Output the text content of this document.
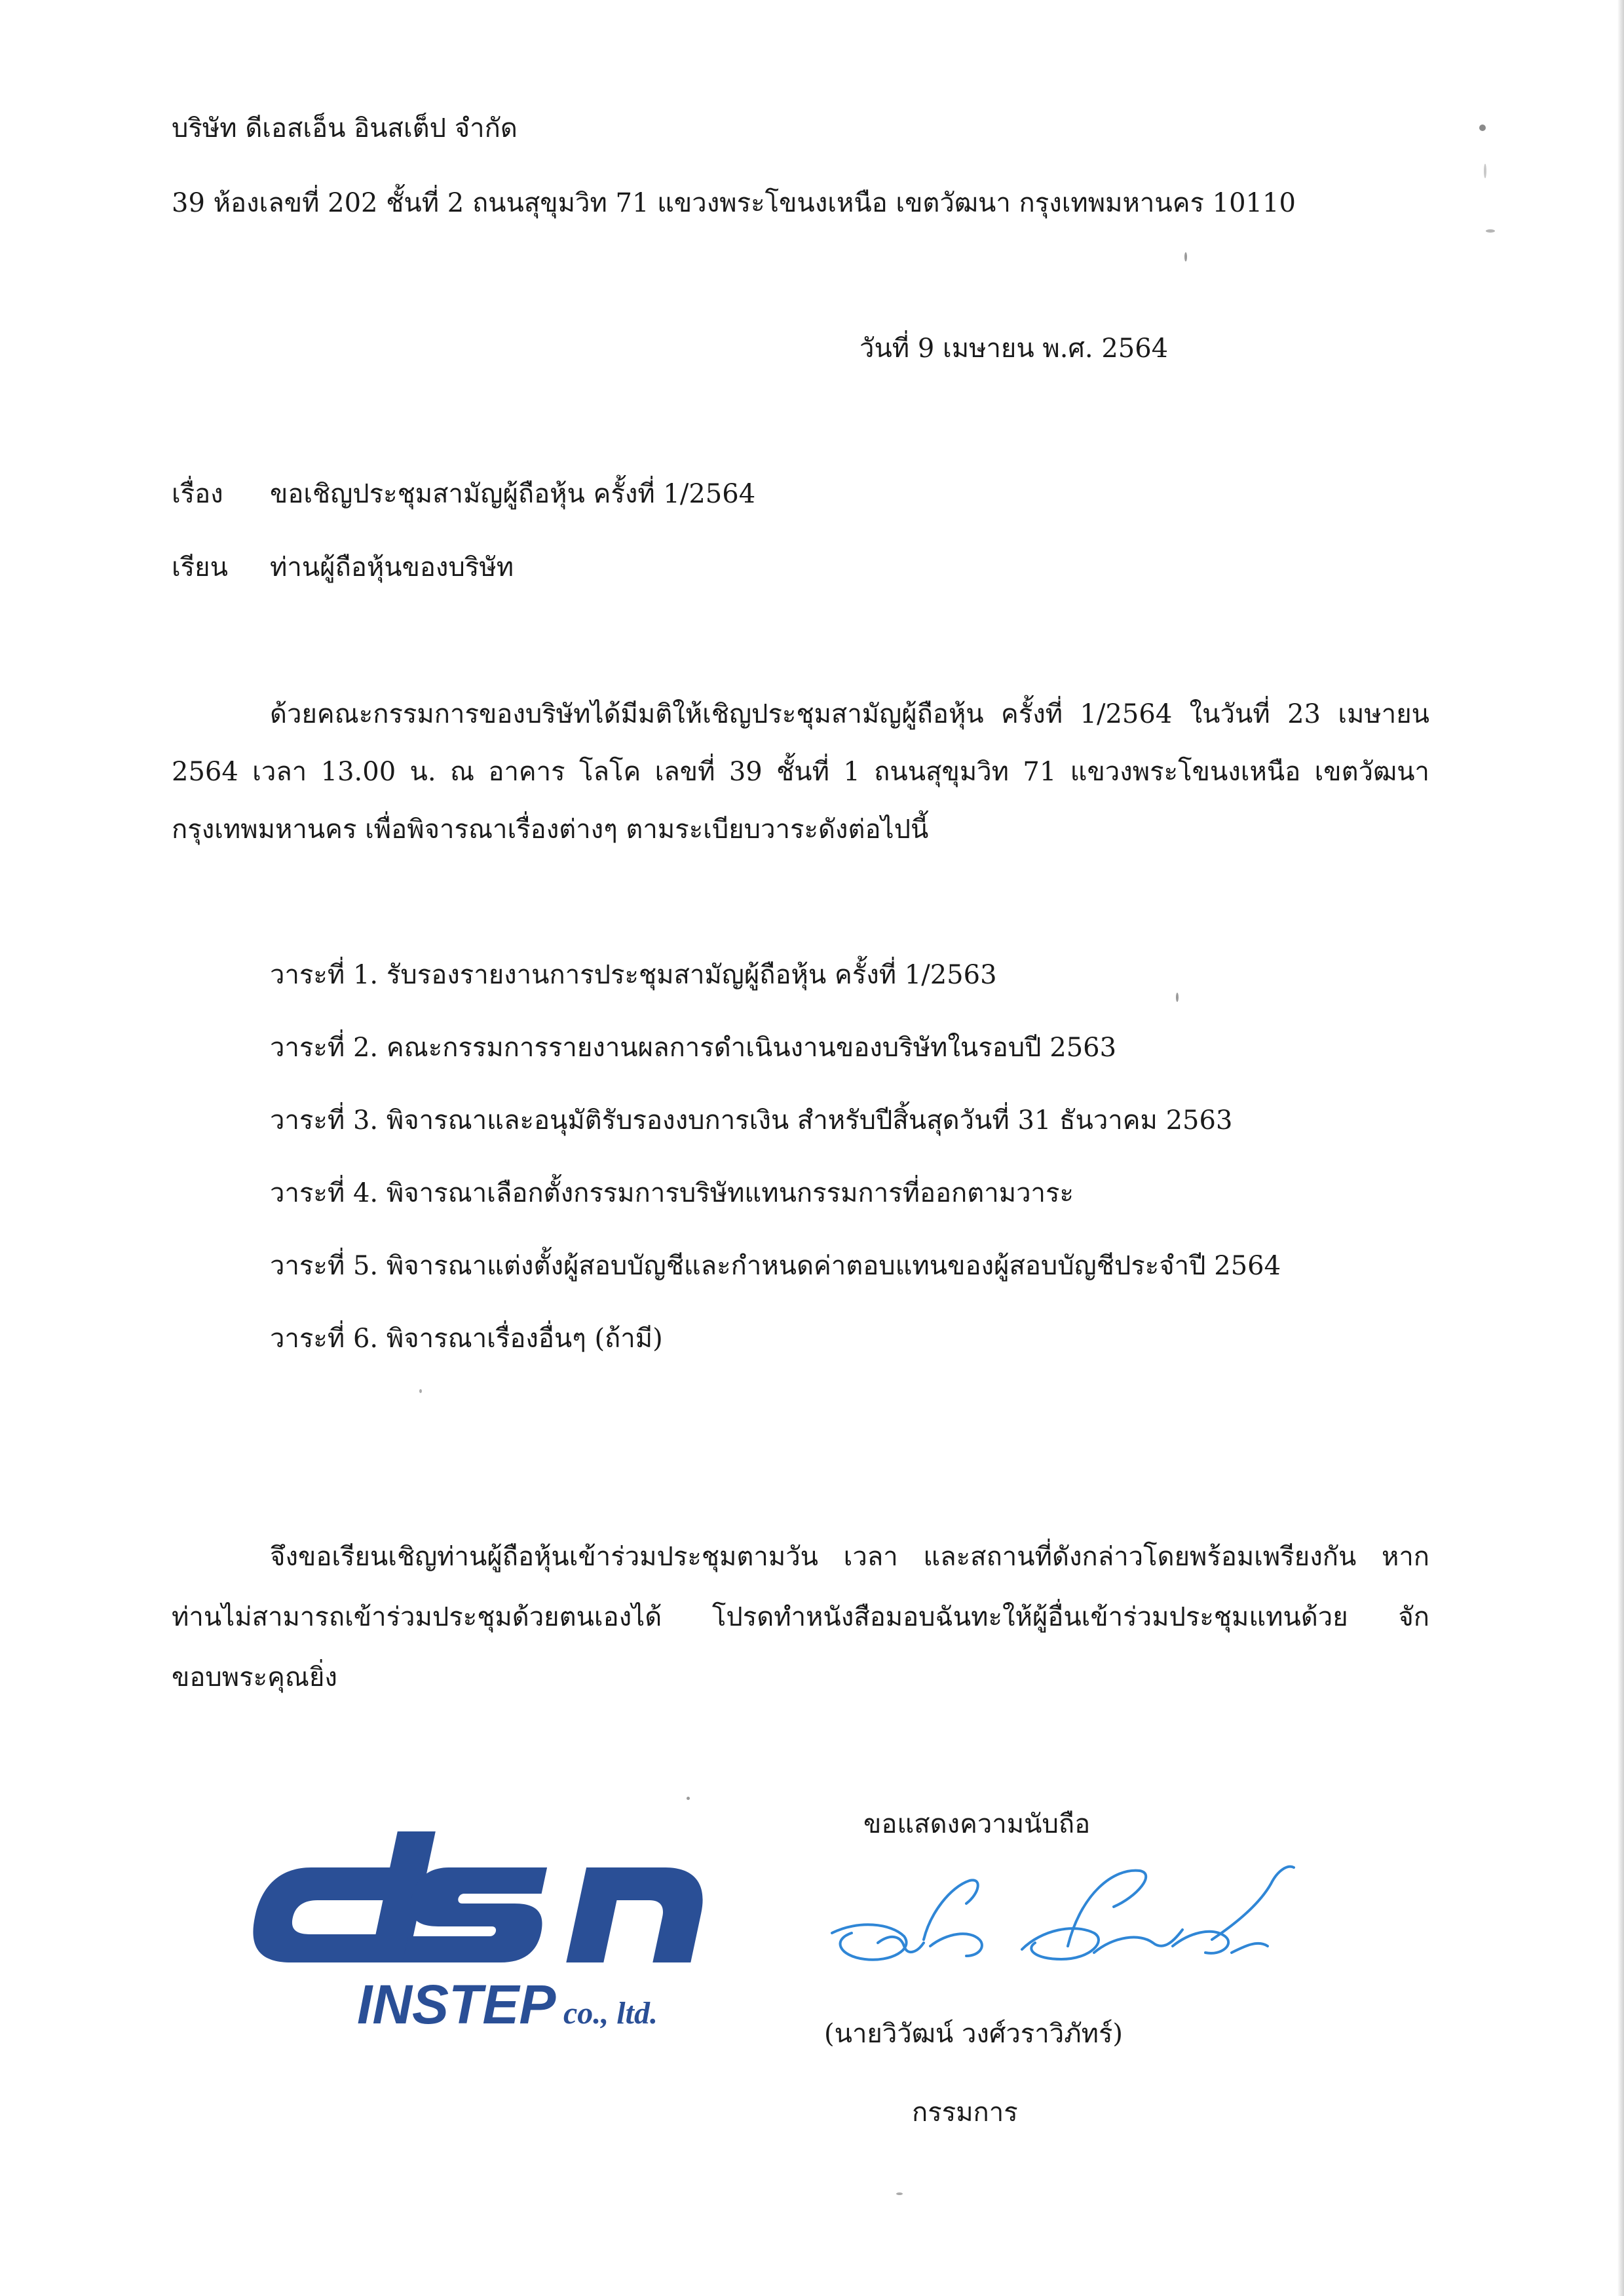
บริษัท ดีเอสเอ็น อินสเต็ป จำกัด
39 ห้องเลขที่ 202 ชั้นที่ 2 ถนนสุขุมวิท 71 แขวงพระโขนงเหนือ เขตวัฒนา กรุงเทพมหานคร 10110
วันที่ 9 เมษายน พ.ศ. 2564
เรื่อง ขอเชิญประชุมสามัญผู้ถือหุ้น ครั้งที่ 1/2564
เรียน ท่านผู้ถือหุ้นของบริษัท
ด้วยคณะกรรมการของบริษัทได้มีมติให้เชิญประชุมสามัญผู้ถือหุ้น ครั้งที่ 1/2564 ในวันที่ 23 เมษายน
2564 เวลา 13.00 น. ณ อาคาร โลโค เลขที่ 39 ชั้นที่ 1 ถนนสุขุมวิท 71 แขวงพระโขนงเหนือ เขตวัฒนา
กรุงเทพมหานคร เพื่อพิจารณาเรื่องต่างๆ ตามระเบียบวาระดังต่อไปนี้
วาระที่ 1. รับรองรายงานการประชุมสามัญผู้ถือหุ้น ครั้งที่ 1/2563
วาระที่ 2. คณะกรรมการรายงานผลการดำเนินงานของบริษัทในรอบปี 2563
วาระที่ 3. พิจารณาและอนุมัติรับรองงบการเงิน สำหรับปีสิ้นสุดวันที่ 31 ธันวาคม 2563
วาระที่ 4. พิจารณาเลือกตั้งกรรมการบริษัทแทนกรรมการที่ออกตามวาระ
วาระที่ 5. พิจารณาแต่งตั้งผู้สอบบัญชีและกำหนดค่าตอบแทนของผู้สอบบัญชีประจำปี 2564
วาระที่ 6. พิจารณาเรื่องอื่นๆ (ถ้ามี)
จึงขอเรียนเชิญท่านผู้ถือหุ้นเข้าร่วมประชุมตามวัน เวลา และสถานที่ดังกล่าวโดยพร้อมเพรียงกัน หาก
ท่านไม่สามารถเข้าร่วมประชุมด้วยตนเองได้ โปรดทำหนังสือมอบฉันทะให้ผู้อื่นเข้าร่วมประชุมแทนด้วย จัก
ขอบพระคุณยิ่ง
ขอแสดงความนับถือ
INSTEP co., ltd.
(นายวิวัฒน์ วงศ์วราวิภัทร์)
กรรมการ
